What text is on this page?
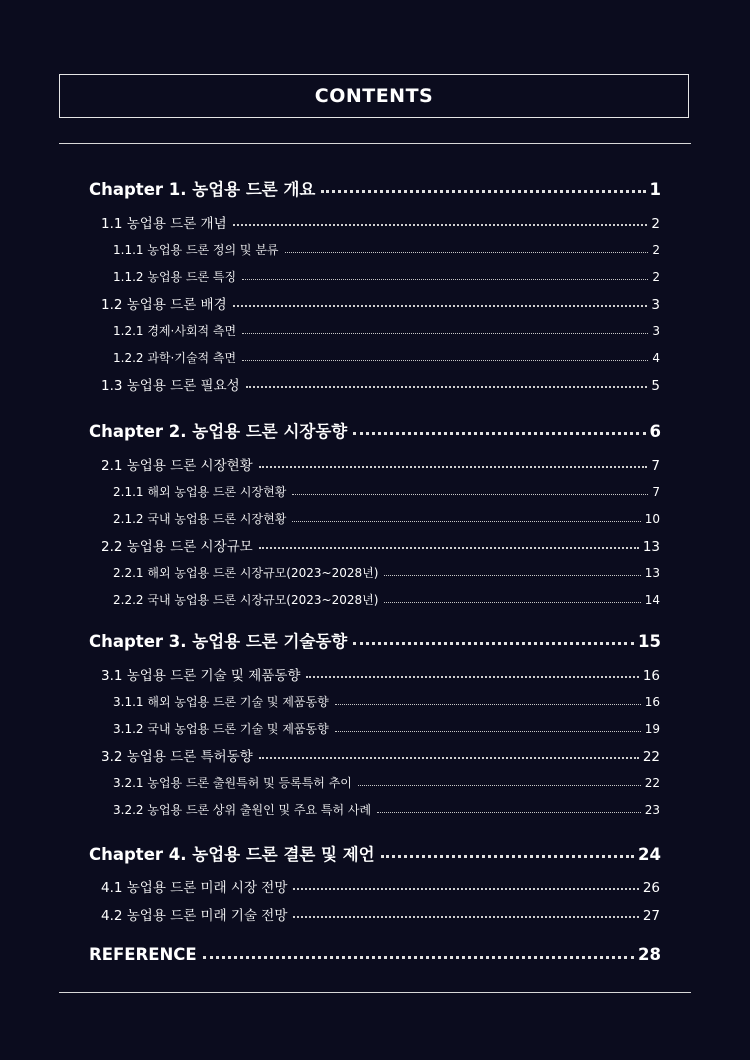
CONTENTS
Chapter 1. 농업용 드론 개요	1
1.1 농업용 드론 개념	2
1.1.1 농업용 드론 정의 및 분류	2
1.1.2 농업용 드론 특징	2
1.2 농업용 드론 배경	3
1.2.1 경제·사회적 측면	3
1.2.2 과학·기술적 측면	4
1.3 농업용 드론 필요성	5
Chapter 2. 농업용 드론 시장동향	6
2.1 농업용 드론 시장현황	7
2.1.1 해외 농업용 드론 시장현황	7
2.1.2 국내 농업용 드론 시장현황	10
2.2 농업용 드론 시장규모	13
2.2.1 해외 농업용 드론 시장규모(2023~2028년)	13
2.2.2 국내 농업용 드론 시장규모(2023~2028년)	14
Chapter 3. 농업용 드론 기술동향	15
3.1 농업용 드론 기술 및 제품동향	16
3.1.1 해외 농업용 드론 기술 및 제품동향	16
3.1.2 국내 농업용 드론 기술 및 제품동향	19
3.2 농업용 드론 특허동향	22
3.2.1 농업용 드론 출원특허 및 등록특허 추이	22
3.2.2 농업용 드론 상위 출원인 및 주요 특허 사례	23
Chapter 4. 농업용 드론 결론 및 제언	24
4.1 농업용 드론 미래 시장 전망	26
4.2 농업용 드론 미래 기술 전망	27
REFERENCE	28
